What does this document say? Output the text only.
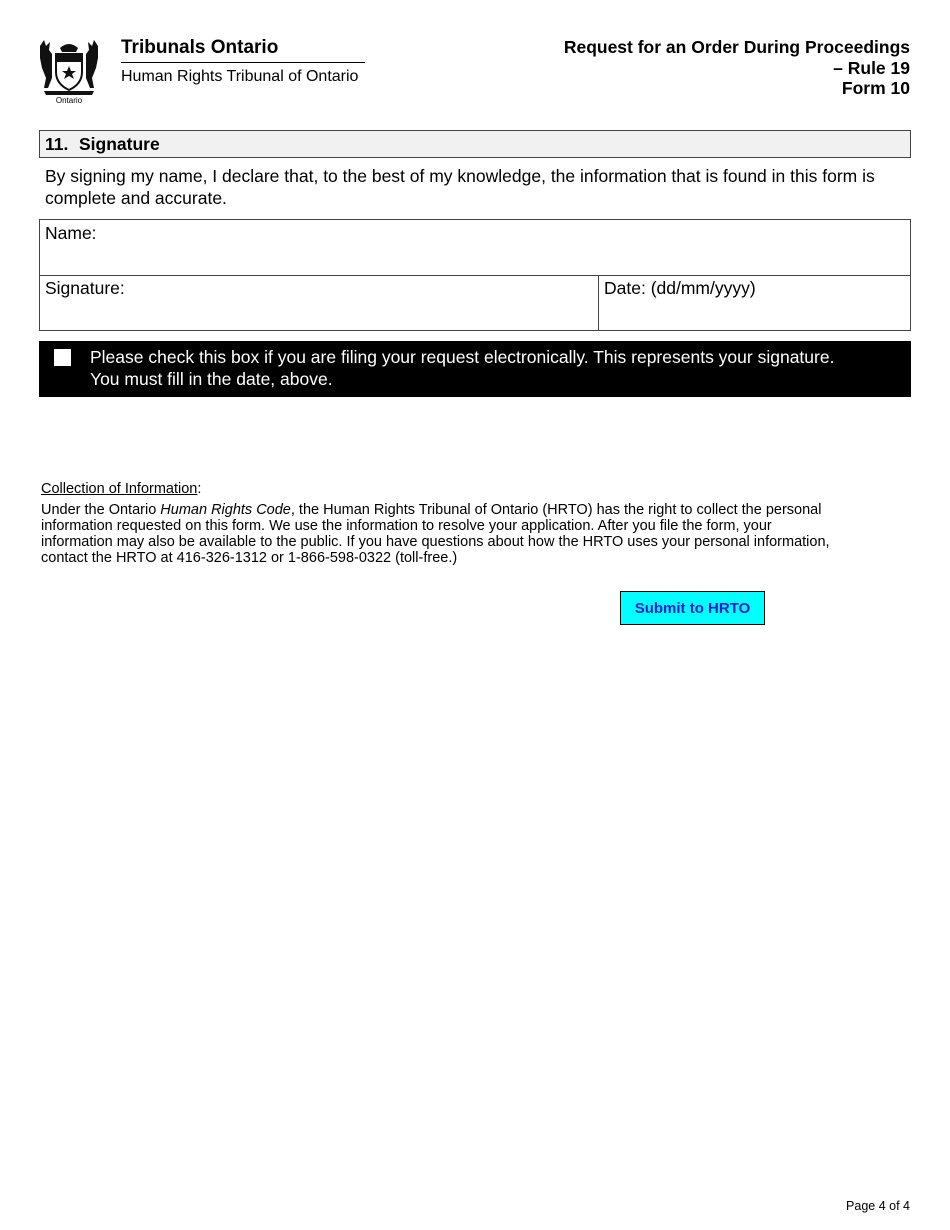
Ontario
Tribunals Ontario
Human Rights Tribunal of Ontario
Request for an Order During Proceedings
– Rule 19
Form 10
11. Signature
By signing my name, I declare that, to the best of my knowledge, the information that is found in this form is complete and accurate.
Name:
Signature:	Date: (dd/mm/yyyy)
Please check this box if you are filing your request electronically. This represents your signature.
You must fill in the date, above.
Collection of Information:
Under the Ontario Human Rights Code, the Human Rights Tribunal of Ontario (HRTO) has the right to collect the personal
information requested on this form. We use the information to resolve your application. After you file the form, your
information may also be available to the public. If you have questions about how the HRTO uses your personal information,
contact the HRTO at 416-326-1312 or 1-866-598-0322 (toll-free.)
Submit to HRTO
Page 4 of 4
